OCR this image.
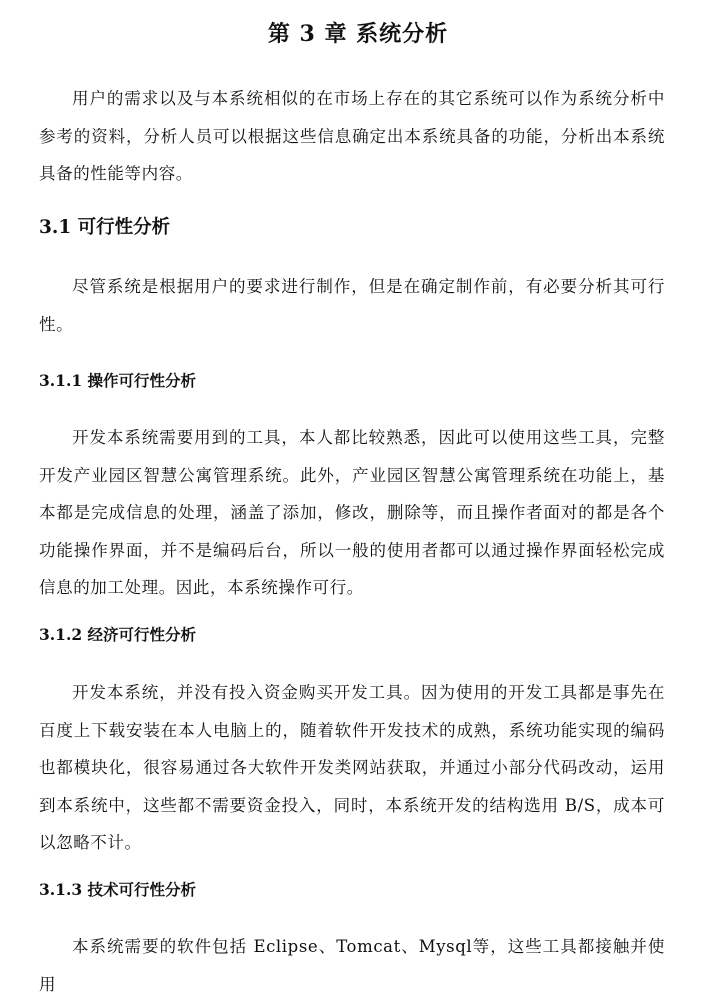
第 3 章 系统分析

用户的需求以及与本系统相似的在市场上存在的其它系统可以作为系统分析中参考的资料，分析人员可以根据这些信息确定出本系统具备的功能，分析出本系统具备的性能等内容。

3.1 可行性分析

尽管系统是根据用户的要求进行制作，但是在确定制作前，有必要分析其可行性。

3.1.1 操作可行性分析

开发本系统需要用到的工具，本人都比较熟悉，因此可以使用这些工具，完整开发产业园区智慧公寓管理系统。此外，产业园区智慧公寓管理系统在功能上，基本都是完成信息的处理，涵盖了添加，修改，删除等，而且操作者面对的都是各个功能操作界面，并不是编码后台，所以一般的使用者都可以通过操作界面轻松完成信息的加工处理。因此，本系统操作可行。

3.1.2 经济可行性分析

开发本系统，并没有投入资金购买开发工具。因为使用的开发工具都是事先在百度上下载安装在本人电脑上的，随着软件开发技术的成熟，系统功能实现的编码也都模块化，很容易通过各大软件开发类网站获取，并通过小部分代码改动，运用到本系统中，这些都不需要资金投入，同时，本系统开发的结构选用 B/S，成本可以忽略不计。

3.1.3 技术可行性分析

本系统需要的软件包括 Eclipse、Tomcat、Mysql等，这些工具都接触并使用
